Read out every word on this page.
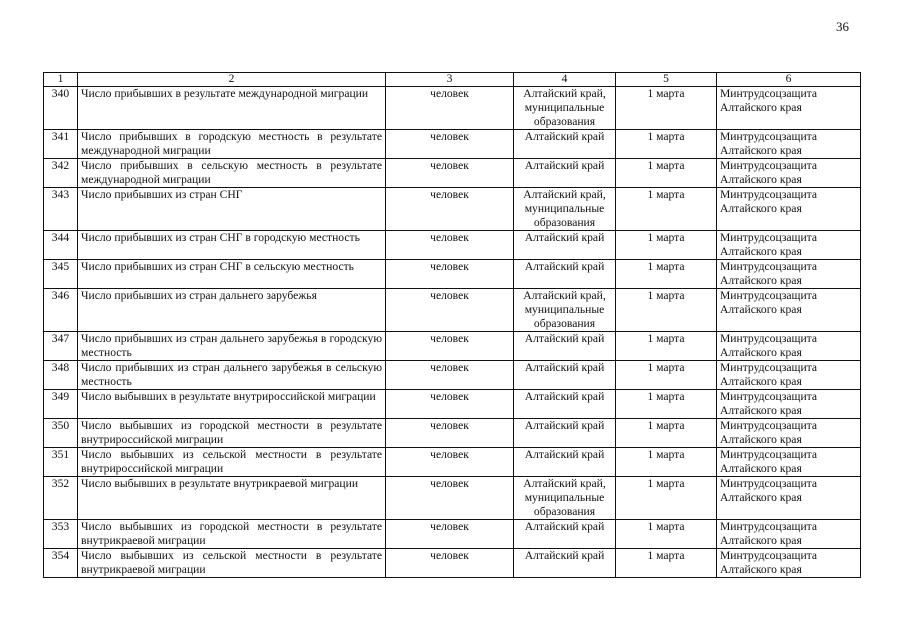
36
1	2	3	4	5	6
340	Число прибывших в результате международной миграции	человек	Алтайский край, муниципальные образования	1 марта	Минтрудсоцзащита Алтайского края
341	Число прибывших в городскую местность в результате международной миграции	человек	Алтайский край	1 марта	Минтрудсоцзащита Алтайского края
342	Число прибывших в сельскую местность в результате международной миграции	человек	Алтайский край	1 марта	Минтрудсоцзащита Алтайского края
343	Число прибывших из стран СНГ	человек	Алтайский край, муниципальные образования	1 марта	Минтрудсоцзащита Алтайского края
344	Число прибывших из стран СНГ в городскую местность	человек	Алтайский край	1 марта	Минтрудсоцзащита Алтайского края
345	Число прибывших из стран СНГ в сельскую местность	человек	Алтайский край	1 марта	Минтрудсоцзащита Алтайского края
346	Число прибывших из стран дальнего зарубежья	человек	Алтайский край, муниципальные образования	1 марта	Минтрудсоцзащита Алтайского края
347	Число прибывших из стран дальнего зарубежья в городскую местность	человек	Алтайский край	1 марта	Минтрудсоцзащита Алтайского края
348	Число прибывших из стран дальнего зарубежья в сельскую местность	человек	Алтайский край	1 марта	Минтрудсоцзащита Алтайского края
349	Число выбывших в результате внутрироссийской миграции	человек	Алтайский край	1 марта	Минтрудсоцзащита Алтайского края
350	Число выбывших из городской местности в результате внутрироссийской миграции	человек	Алтайский край	1 марта	Минтрудсоцзащита Алтайского края
351	Число выбывших из сельской местности в результате внутрироссийской миграции	человек	Алтайский край	1 марта	Минтрудсоцзащита Алтайского края
352	Число выбывших в результате внутрикраевой миграции	человек	Алтайский край, муниципальные образования	1 марта	Минтрудсоцзащита Алтайского края
353	Число выбывших из городской местности в результате внутрикраевой миграции	человек	Алтайский край	1 марта	Минтрудсоцзащита Алтайского края
354	Число выбывших из сельской местности в результате внутрикраевой миграции	человек	Алтайский край	1 марта	Минтрудсоцзащита Алтайского края
